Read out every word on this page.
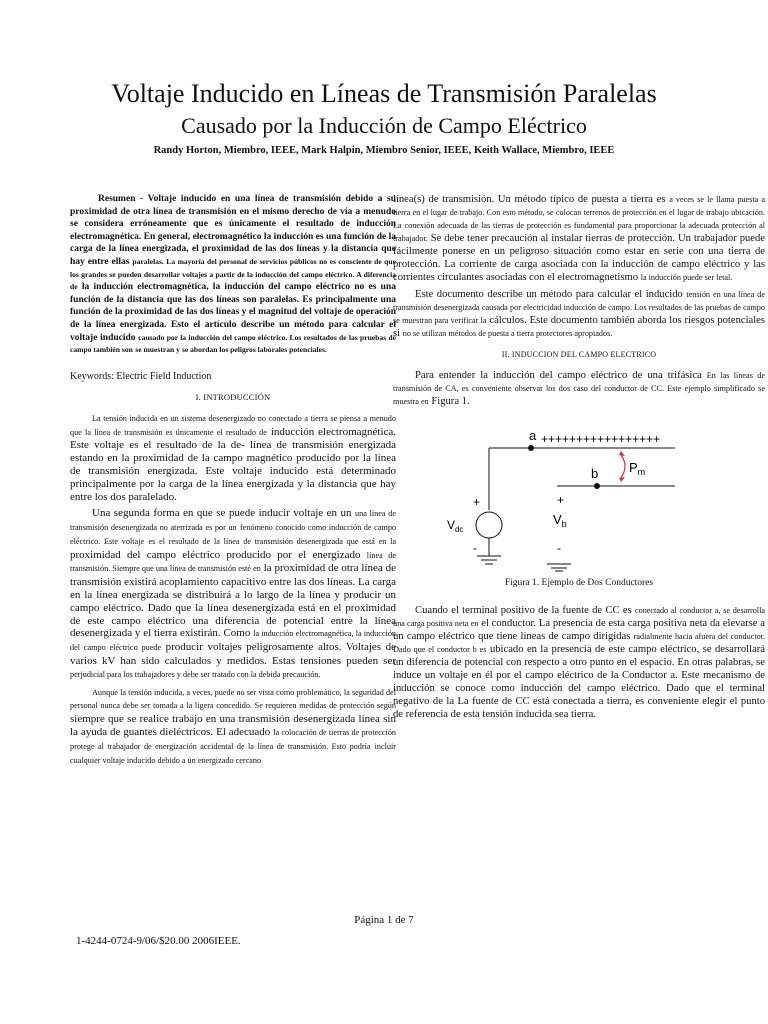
Voltaje Inducido en Líneas de Transmisión Paralelas
Causado por la Inducción de Campo Eléctrico
Randy Horton, Miembro, IEEE, Mark Halpin, Miembro Senior, IEEE, Keith Wallace, Miembro, IEEE

Resumen - Voltaje inducido en una línea de transmisión debido a su proximidad de otra línea de transmisión en el mismo derecho de vía a menudo se considera erróneamente que es únicamente el resultado de inducción electromagnética. En general, electromagnético la inducción es una función de la carga de la línea energizada, el proximidad de las dos líneas y la distancia que hay entre ellas paralelas. La mayoría del personal de servicios públicos no es consciente de que los grandes se pueden desarrollar voltajes a partir de la inducción del campo eléctrico. A diferencia de la inducción electromagnética, la inducción del campo eléctrico no es una función de la distancia que las dos líneas son paralelas. Es principalmente una función de la proximidad de las dos líneas y el magnitud del voltaje de operación de la línea energizada. Esto el artículo describe un método para calcular el voltaje inducido causado por la inducción del campo eléctrico. Los resultados de las pruebas de campo también son se muestran y se abordan los peligros laborales potenciales.

Keywords: Electric Field Induction
I. INTRODUCCIÓN

La tensión inducida en un sistema desenergizado no conectado a tierra se piensa a menudo que la línea de transmisión es únicamente el resultado de inducción electromagnética. Este voltaje es el resultado de la de- línea de transmisión energizada estando en la proximidad de la campo magnético producido por la línea de transmisión energizada. Este voltaje inducido está determinado principalmente por la carga de la línea energizada y la distancia que hay entre los dos paralelado.

Una segunda forma en que se puede inducir voltaje en un una línea de transmisión desenergizada no aterrizada es por un fenómeno conocido como inducción de campo eléctrico. Este voltaje es el resultado de la línea de transmisión desenergizada que está en la proximidad del campo eléctrico producido por el energizado línea de transmisión. Siempre que una línea de transmisión esté en la proximidad de otra línea de transmisión existirá acoplamiento capacitivo entre las dos líneas. La carga en la línea energizada se distribuirá a lo largo de la línea y producir un campo eléctrico. Dado que la línea desenergizada está en el proximidad de este campo eléctrico una diferencia de potencial entre la línea desenergizada y el tierra existirán. Como la inducción electromagnética, la inducción del campo eléctrico puede producir voltajes peligrosamente altos. Voltajes de varios kV han sido calculados y medidos. Estas tensiones pueden ser perjudicial para los trabajadores y debe ser tratado con la debida precaución.

Aunque la tensión inducida, a veces, puede no ser vista como problemático, la seguridad del personal nunca debe ser tomada a la ligera concedido. Se requieren medidas de protección según siempre que se realice trabajo en una transmisión desenergizada línea sin la ayuda de guantes dieléctricos. El adecuado la colocación de tierras de protección protege al trabajador de energización accidental de la línea de transmisión. Esto podría incluir cualquier voltaje inducido debido a un energizado cercano

línea(s) de transmisión. Un método típico de puesta a tierra es a veces se le llama puesta a tierra en el lugar de trabajo. Con esto método, se colocan terrenos de protección en el lugar de trabajo ubicación. La conexión adecuada de las tierras de protección es fundamental para proporcionar la adecuada protección al trabajador. Se debe tener precaución al instalar tierras de protección. Un trabajador puede fácilmente ponerse en un peligroso situación como estar en serie con una tierra de protección. La corriente de carga asociada con la inducción de campo eléctrico y las corrientes circulantes asociadas con el electromagnetismo la inducción puede ser letal.

Este documento describe un método para calcular el inducido tensión en una línea de transmisión desenergizada causada por electricidad inducción de campo. Los resultados de las pruebas de campo se muestran para verificar la cálculos. Este documento también aborda los riesgos potenciales si no se utilizan métodos de puesta a tierra protectores apropiados.

II. INDUCCION DEL CAMPO ELECTRICO

Para entender la inducción del campo eléctrico de una trifásica En las líneas de transmisión de CA, es conveniente observar los dos caso del conductor de CC. Este ejemplo simplificado se muestra en Figura 1.

a +++++++++++++++++
+
-
$V_{dc}$
b $P_m$
+
$V_b$
-
Figura 1. Ejemplo de Dos Conductores

Cuando el terminal positivo de la fuente de CC es conectado al conductor a, se desarrolla una carga positiva neta en el conductor. La presencia de esta carga positiva neta da elevarse a un campo eléctrico que tiene líneas de campo dirigidas radialmente hacia afuera del conductor. Dado que el conductor b es ubicado en la presencia de este campo eléctrico, se desarrollará un diferencia de potencial con respecto a otro punto en el espacio. En otras palabras, se induce un voltaje en él por el campo eléctrico de la Conductor a. Este mecanismo de inducción se conoce como inducción del campo eléctrico. Dado que el terminal negativo de la La fuente de CC está conectada a tierra, es conveniente elegir el punto de referencia de esta tensión inducida sea tierra.

Página 1 de 7
1-4244-0724-9/06/$20.00 2006IEEE.
